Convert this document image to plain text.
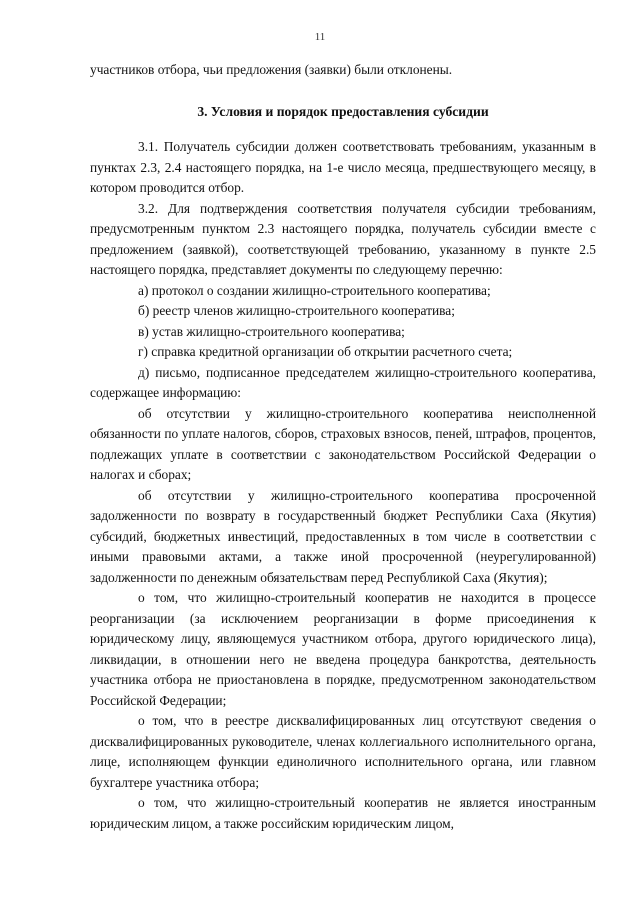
11

участников отбора, чьи предложения (заявки) были отклонены.

3. Условия и порядок предоставления субсидии

3.1. Получатель субсидии должен соответствовать требованиям, указанным в пунктах 2.3, 2.4 настоящего порядка, на 1-е число месяца, предшествующего месяцу, в котором проводится отбор.

3.2. Для подтверждения соответствия получателя субсидии требованиям, предусмотренным пунктом 2.3 настоящего порядка, получатель субсидии вместе с предложением (заявкой), соответствующей требованию, указанному в пункте 2.5 настоящего порядка, представляет документы по следующему перечню:

а) протокол о создании жилищно-строительного кооператива;

б) реестр членов жилищно-строительного кооператива;

в) устав жилищно-строительного кооператива;

г) справка кредитной организации об открытии расчетного счета;

д) письмо, подписанное председателем жилищно-строительного кооператива, содержащее информацию:

об отсутствии у жилищно-строительного кооператива неисполненной обязанности по уплате налогов, сборов, страховых взносов, пеней, штрафов, процентов, подлежащих уплате в соответствии с законодательством Российской Федерации о налогах и сборах;

об отсутствии у жилищно-строительного кооператива просроченной задолженности по возврату в государственный бюджет Республики Саха (Якутия) субсидий, бюджетных инвестиций, предоставленных в том числе в соответствии с иными правовыми актами, а также иной просроченной (неурегулированной) задолженности по денежным обязательствам перед Республикой Саха (Якутия);

о том, что жилищно-строительный кооператив не находится в процессе реорганизации (за исключением реорганизации в форме присоединения к юридическому лицу, являющемуся участником отбора, другого юридического лица), ликвидации, в отношении него не введена процедура банкротства, деятельность участника отбора не приостановлена в порядке, предусмотренном законодательством Российской Федерации;

о том, что в реестре дисквалифицированных лиц отсутствуют сведения о дисквалифицированных руководителе, членах коллегиального исполнительного органа, лице, исполняющем функции единоличного исполнительного органа, или главном бухгалтере участника отбора;

о том, что жилищно-строительный кооператив не является иностранным юридическим лицом, а также российским юридическим лицом,
